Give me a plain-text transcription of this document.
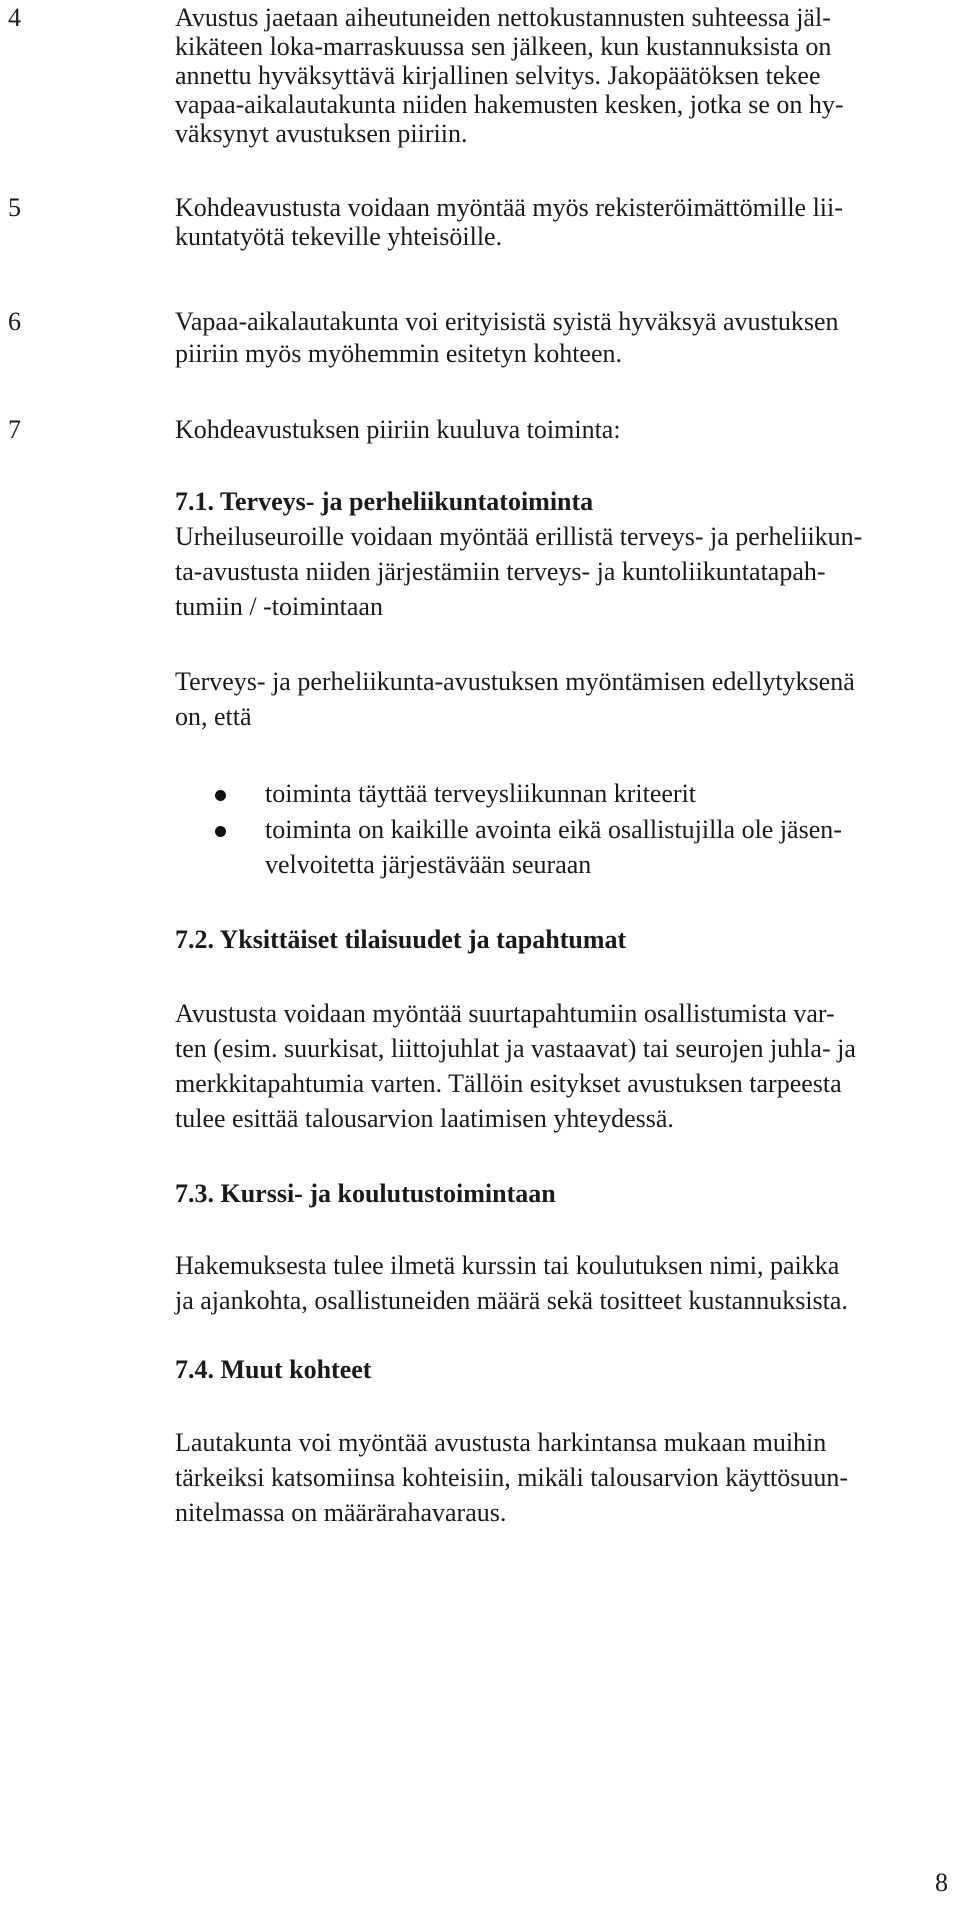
4	Avustus jaetaan aiheutuneiden nettokustannusten suhteessa jäl-
kikäteen loka-marraskuussa sen jälkeen, kun kustannuksista on
annettu hyväksyttävä kirjallinen selvitys. Jakopäätöksen tekee
vapaa-aikalautakunta niiden hakemusten kesken, jotka se on hy-
väksynyt avustuksen piiriin.
5	Kohdeavustusta voidaan myöntää myös rekisteröimättömille lii-
kuntatyötä tekeville yhteisöille.
6	Vapaa-aikalautakunta voi erityisistä syistä hyväksyä avustuksen
piiriin myös myöhemmin esitetyn kohteen.
7	Kohdeavustuksen piiriin kuuluva toiminta:
7.1. Terveys- ja perheliikuntatoiminta
Urheiluseuroille voidaan myöntää erillistä terveys- ja perheliikun-
ta-avustusta niiden järjestämiin terveys- ja kuntoliikuntatapah-
tumiin / -toimintaan
Terveys- ja perheliikunta-avustuksen myöntämisen edellytyksenä
on, että
toiminta täyttää terveysliikunnan kriteerit
toiminta on kaikille avointa eikä osallistujilla ole jäsen-
velvoitetta järjestävään seuraan
7.2. Yksittäiset tilaisuudet ja tapahtumat
Avustusta voidaan myöntää suurtapahtumiin osallistumista var-
ten (esim. suurkisat, liittojuhlat ja vastaavat) tai seurojen juhla- ja
merkkitapahtumia varten. Tällöin esitykset avustuksen tarpeesta
tulee esittää talousarvion laatimisen yhteydessä.
7.3. Kurssi- ja koulutustoimintaan
Hakemuksesta tulee ilmetä kurssin tai koulutuksen nimi, paikka
ja ajankohta, osallistuneiden määrä sekä tositteet kustannuksista.
7.4. Muut kohteet
Lautakunta voi myöntää avustusta harkintansa mukaan muihin
tärkeiksi katsomiinsa kohteisiin, mikäli talousarvion käyttösuun-
nitelmassa on määrärahavaraus.
8
